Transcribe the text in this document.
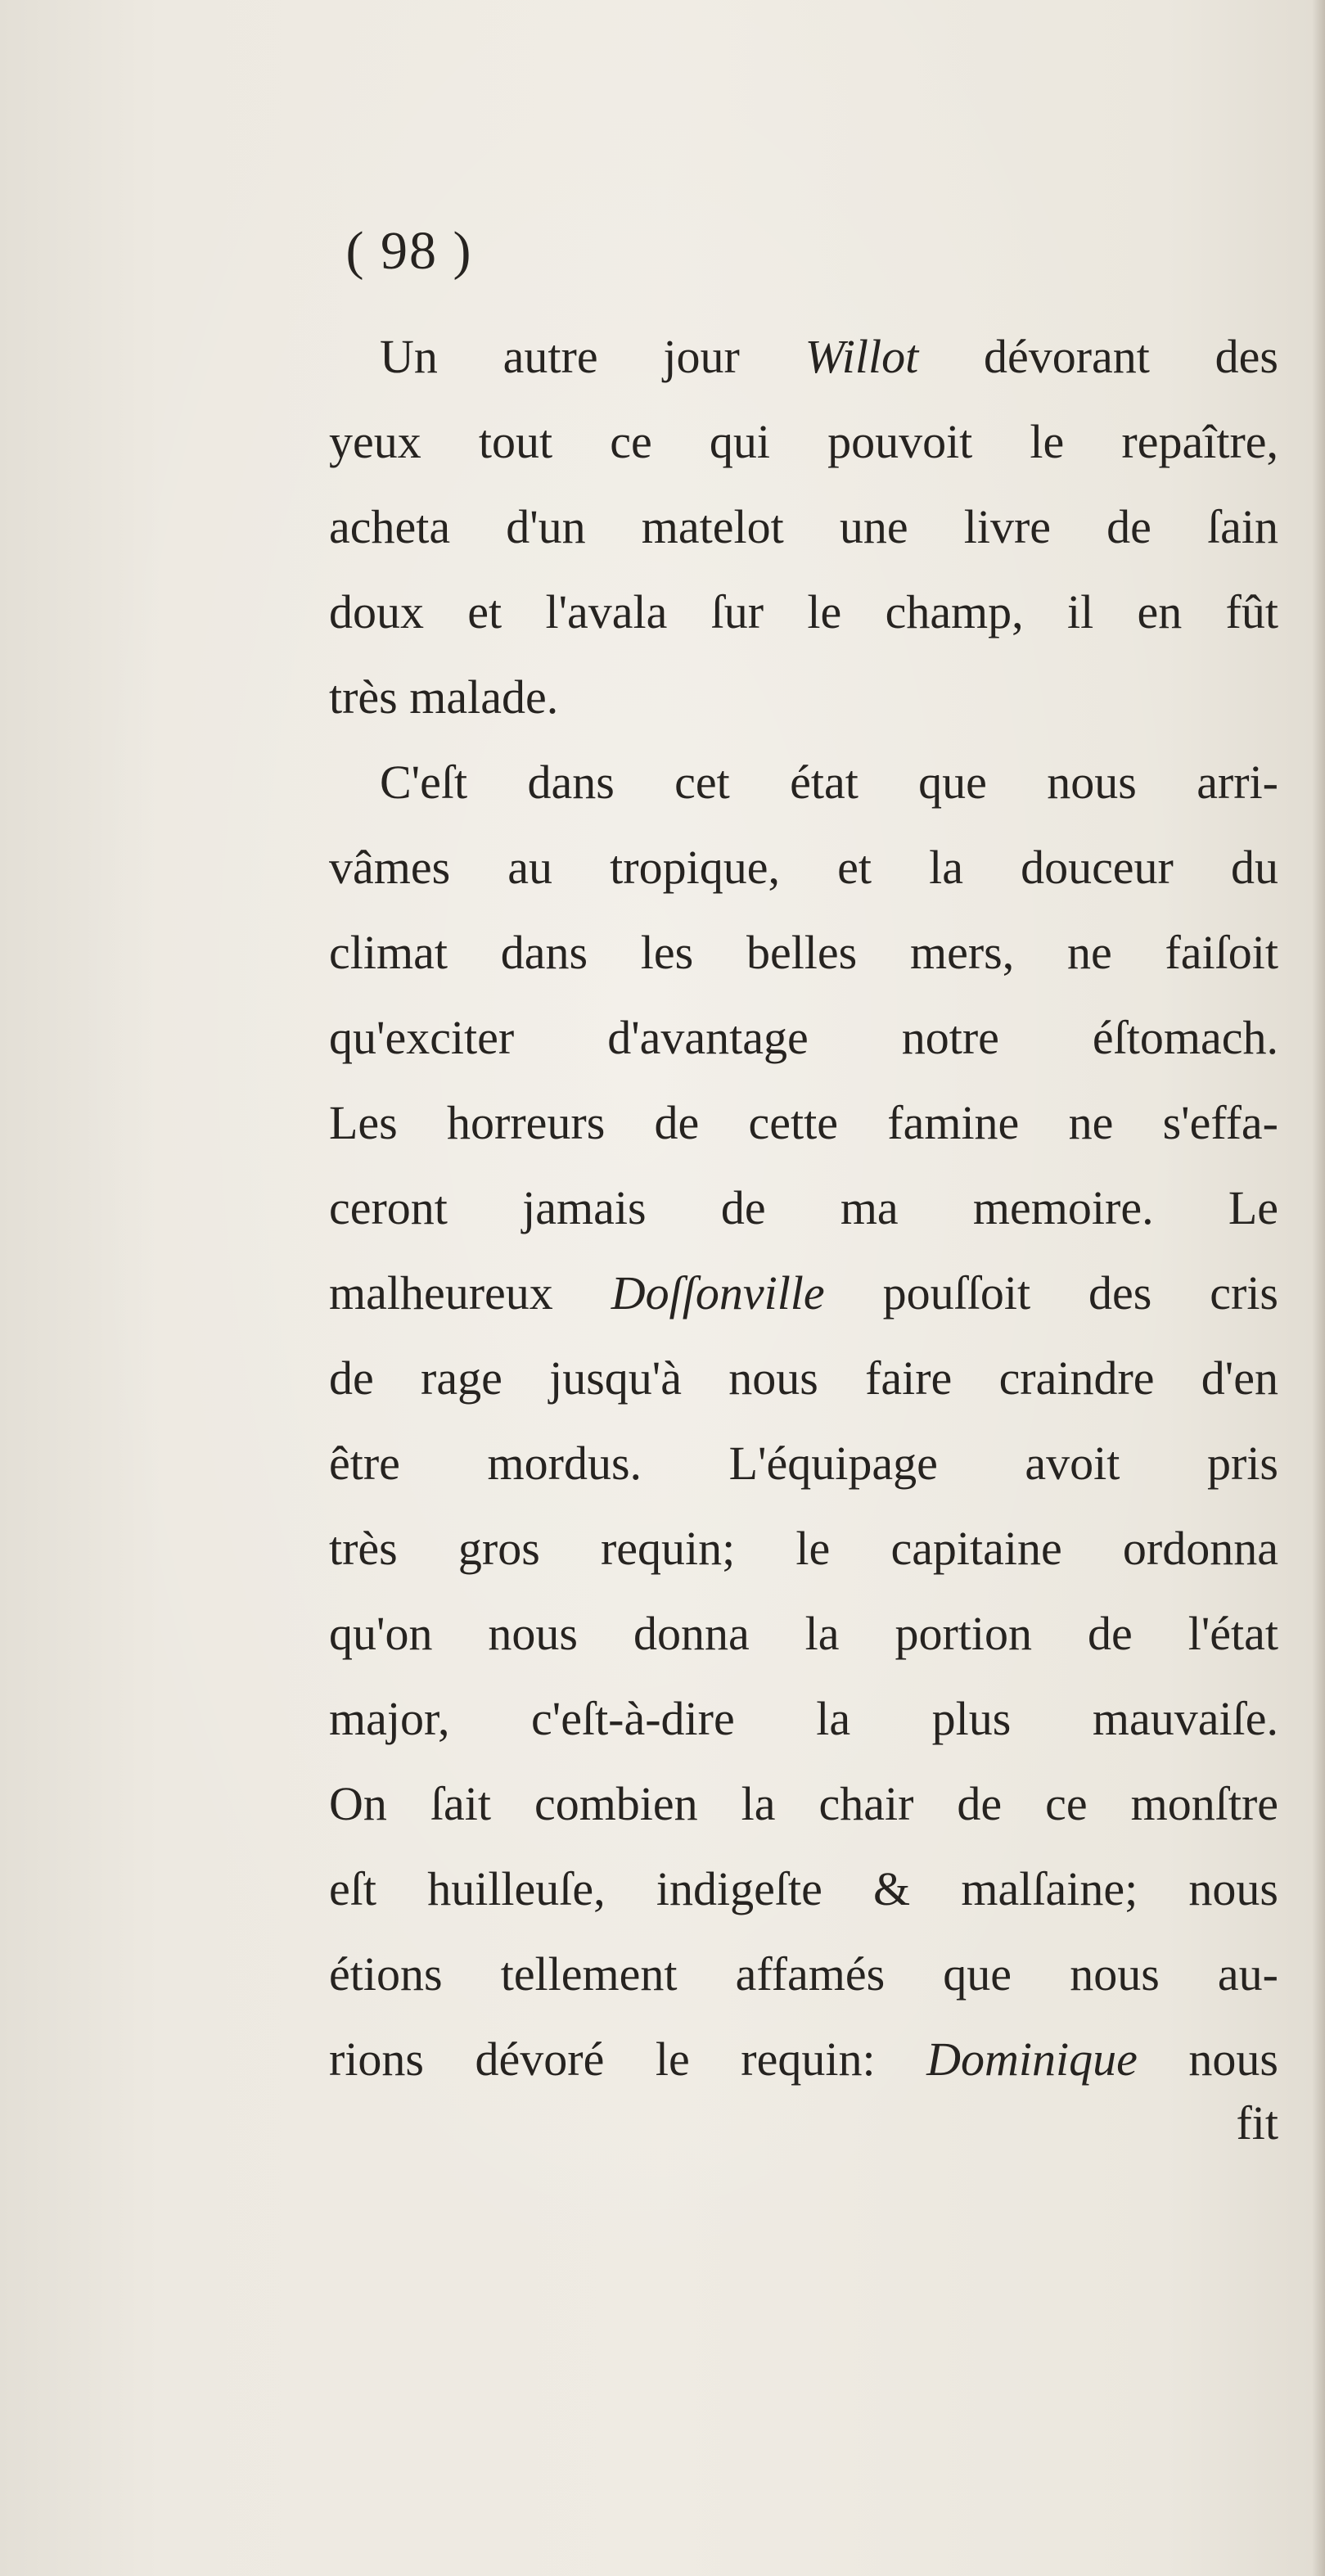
( 98 )
Un autre jour Willot dévorant des
yeux tout ce qui pouvoit le repaître,
acheta d'un matelot une livre de ſain
doux et l'avala ſur le champ, il en fût
très malade.
C'eſt dans cet état que nous arri-
vâmes au tropique, et la douceur du
climat dans les belles mers, ne faiſoit
qu'exciter d'avantage notre éſtomach.
Les horreurs de cette famine ne s'effa-
ceront jamais de ma memoire. Le
malheureux Doſſonville pouſſoit des cris
de rage jusqu'à nous faire craindre d'en
être mordus. L'équipage avoit pris
très gros requin; le capitaine ordonna
qu'on nous donna la portion de l'état
major, c'eſt-à-dire la plus mauvaiſe.
On ſait combien la chair de ce monſtre
eſt huilleuſe, indigeſte & malſaine; nous
étions tellement affamés que nous au-
rions dévoré le requin: Dominique nous
fit
